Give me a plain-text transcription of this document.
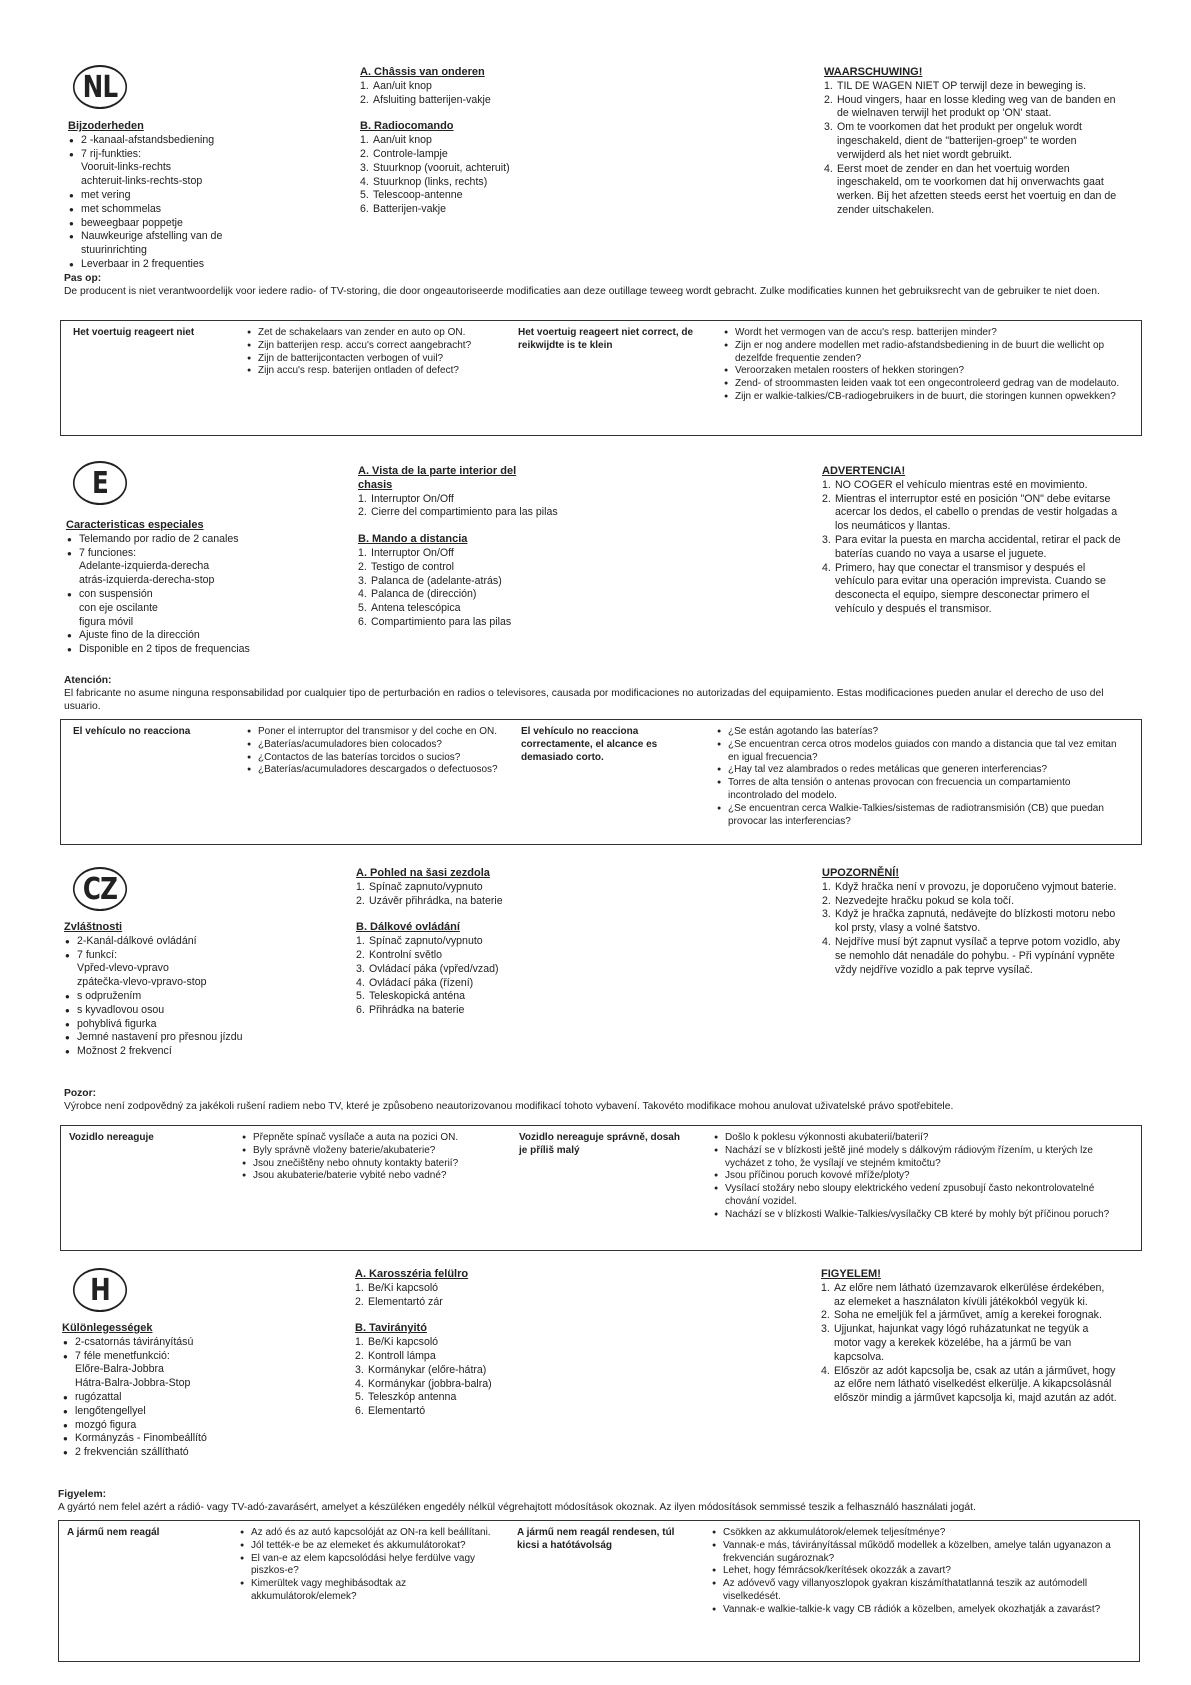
NL
Bijzoderheden
● 2 -kanaal-afstandsbediening
● 7 rij-funkties:
Vooruit-links-rechts
achteruit-links-rechts-stop
● met vering
● met schommelas
● beweegbaar poppetje
● Nauwkeurige afstelling van de stuurinrichting
● Leverbaar in 2 frequenties
A. Châssis van onderen
1. Aan/uit knop
2. Afsluiting batterijen-vakje
B. Radiocomando
1. Aan/uit knop
2. Controle-lampje
3. Stuurknop (vooruit, achteruit)
4. Stuurknop (links, rechts)
5. Telescoop-antenne
6. Batterijen-vakje
WAARSCHUWING!
1. TIL DE WAGEN NIET OP terwijl deze in beweging is.
2. Houd vingers, haar en losse kleding weg van de banden en de wielnaven terwijl het produkt op 'ON' staat.
3. Om te voorkomen dat het produkt per ongeluk wordt ingeschakeld, dient de "batterijen-groep" te worden verwijderd als het niet wordt gebruikt.
4. Eerst moet de zender en dan het voertuig worden ingeschakeld, om te voorkomen dat hij onverwachts gaat werken. Bij het afzetten steeds eerst het voertuig en dan de zender uitschakelen.
Pas op:
De producent is niet verantwoordelijk voor iedere radio- of TV-storing, die door ongeautoriseerde modificaties aan deze outillage teweeg wordt gebracht. Zulke modificaties kunnen het gebruiksrecht van de gebruiker te niet doen.
Het voertuig reageert niet	● Zet de schakelaars van zender en auto op ON.
● Zijn batterijen resp. accu's correct aangebracht?
● Zijn de batterijcontacten verbogen of vuil?
● Zijn accu's resp. baterijen ontladen of defect?
Het voertuig reageert niet correct, de reikwijdte is te klein
● Wordt het vermogen van de accu's resp. batterijen minder?
● Zijn er nog andere modellen met radio-afstandsbediening in de buurt die wellicht op dezelfde frequentie zenden?
● Veroorzaken metalen roosters of hekken storingen?
● Zend- of stroommasten leiden vaak tot een ongecontroleerd gedrag van de modelauto.
● Zijn er walkie-talkies/CB-radiogebruikers in de buurt, die storingen kunnen opwekken?
E
Caracteristicas especiales
● Telemando por radio de 2 canales
● 7 funciones:
Adelante-izquierda-derecha
atrás-izquierda-derecha-stop
● con suspensión
con eje oscilante
figura móvil
● Ajuste fino de la dirección
● Disponible en 2 tipos de frequencias
A. Vista de la parte interior del chasis
1. Interruptor On/Off
2. Cierre del compartimiento para las pilas
B. Mando a distancia
1. Interruptor On/Off
2. Testigo de control
3. Palanca de (adelante-atrás)
4. Palanca de (dirección)
5. Antena telescópica
6. Compartimiento para las pilas
ADVERTENCIA!
1. NO COGER el vehículo mientras esté en movimiento.
2. Mientras el interruptor esté en posición "ON" debe evitarse acercar los dedos, el cabello o prendas de vestir holgadas a los neumáticos y llantas.
3. Para evitar la puesta en marcha accidental, retirar el pack de baterías cuando no vaya a usarse el juguete.
4. Primero, hay que conectar el transmisor y después el vehículo para evitar una operación imprevista. Cuando se desconecta el equipo, siempre desconectar primero el vehículo y después el transmisor.
Atención:
El fabricante no asume ninguna responsabilidad por cualquier tipo de perturbación en radios o televisores, causada por modificaciones no autorizadas del equipamiento. Estas modificaciones pueden anular el derecho de uso del usuario.
El vehículo no reacciona	● Poner el interruptor del transmisor y del coche en ON.
● ¿Baterías/acumuladores bien colocados?
● ¿Contactos de las baterías torcidos o sucios?
● ¿Baterías/acumuladores descargados o defectuosos?
El vehículo no reacciona correctamente, el alcance es demasiado corto.
● ¿Se están agotando las baterías?
● ¿Se encuentran cerca otros modelos guiados con mando a distancia que tal vez emitan en igual frecuencia?
● ¿Hay tal vez alambrados o redes metálicas que generen interferencias?
● Torres de alta tensión o antenas provocan con frecuencia un compartamiento incontrolado del modelo.
● ¿Se encuentran cerca Walkie-Talkies/sistemas de radiotransmisión (CB) que puedan provocar las interferencias?
CZ
Zvláštnosti
● 2-Kanál-dálkové ovládání
● 7 funkcí:
Vpřed-vlevo-vpravo
zpátečka-vlevo-vpravo-stop
● s odpružením
● s kyvadlovou osou
● pohyblivá figurka
● Jemné nastavení pro přesnou jízdu
● Možnost 2 frekvencí
A. Pohled na šasi zezdola
1. Spínač zapnuto/vypnuto
2. Uzávěr přihrádka, na baterie
B. Dálkové ovládání
1. Spínač zapnuto/vypnuto
2. Kontrolní světlo
3. Ovládací páka (vpřed/vzad)
4. Ovládací páka (řízení)
5. Teleskopická anténa
6. Přihrádka na baterie
UPOZORNĚNÍ!
1. Když hračka není v provozu, je doporučeno vyjmout baterie.
2. Nezvedejte hračku pokud se kola točí.
3. Když je hračka zapnutá, nedávejte do blízkosti motoru nebo kol prsty, vlasy a volné šatstvo.
4. Nejdříve musí být zapnut vysílač a teprve potom vozidlo, aby se nemohlo dát nenadále do pohybu. - Při vypínání vypněte vždy nejdříve vozidlo a pak teprve vysílač.
Pozor:
Výrobce není zodpovědný za jakékoli rušení radiem nebo TV, které je způsobeno neautorizovanou modifikací tohoto vybavení. Takovéto modifikace mohou anulovat uživatelské právo spotřebitele.
Vozidlo nereaguje	● Přepněte spínač vysílače a auta na pozici ON.
● Byly správně vloženy baterie/akubaterie?
● Jsou znečištěny nebo ohnuty kontakty baterií?
● Jsou akubaterie/baterie vybité nebo vadné?
Vozidlo nereaguje správně, dosah je příliš malý
● Došlo k poklesu výkonnosti akubaterií/baterií?
● Nachází se v blízkosti ještě jiné modely s dálkovým rádiovým řízením, u kterých lze vycházet z toho, že vysílají ve stejném kmitočtu?
● Jsou příčinou poruch kovové mříže/ploty?
● Vysílací stožáry nebo sloupy elektrického vedení zpusobují často nekontrolovatelné chování vozidel.
● Nachází se v blízkosti Walkie-Talkies/vysílačky CB které by mohly být příčinou poruch?
H
Különlegességek
● 2-csatornás távirányítású
● 7 féle menetfunkció:
Előre-Balra-Jobbra
Hátra-Balra-Jobbra-Stop
● rugózattal
● lengőtengellyel
● mozgó figura
● Kormányzás - Finombeállító
● 2 frekvencián szállítható
A. Karosszéria felülro
1. Be/Ki kapcsoló
2. Elementartó zár
B. Tavirányitó
1. Be/Ki kapcsoló
2. Kontroll lámpa
3. Kormánykar (előre-hátra)
4. Kormánykar (jobbra-balra)
5. Teleszkóp antenna
6. Elementartó
FIGYELEM!
1. Az előre nem látható üzemzavarok elkerülése érdekében, az elemeket a használaton kívüli játékokból vegyük ki.
2. Soha ne emeljük fel a járművet, amíg a kerekei forognak.
3. Ujjunkat, hajunkat vagy lógó ruházatunkat ne tegyük a motor vagy a kerekek közelébe, ha a jármű be van kapcsolva.
4. Először az adót kapcsolja be, csak az után a járművet, hogy az előre nem látható viselkedést elkerülje. A kikapcsolásnál először mindig a járművet kapcsolja ki, majd azután az adót.
Figyelem:
A gyártó nem felel azért a rádió- vagy TV-adó-zavarásért, amelyet a készüléken engedély nélkül végrehajtott módosítások okoznak. Az ilyen módosítások semmissé teszik a felhasználó használati jogát.
A jármű nem reagál	● Az adó és az autó kapcsolóját az ON-ra kell beállítani.
● Jól tették-e be az elemeket és akkumulátorokat?
● El van-e az elem kapcsolódási helye ferdülve vagy piszkos-e?
● Kimerültek vagy meghibásodtak az akkumulátorok/elemek?
A jármű nem reagál rendesen, túl kicsi a hatótávolság
● Csökken az akkumulátorok/elemek teljesítménye?
● Vannak-e más, távirányítással működő modellek a közelben, amelye talán ugyanazon a frekvencián sugároznak?
● Lehet, hogy fémrácsok/kerítések okozzák a zavart?
● Az adóvevő vagy villanyoszlopok gyakran kiszámíthatatlanná teszik az autómodell viselkedését.
● Vannak-e walkie-talkie-k vagy CB rádiók a közelben, amelyek okozhatják a zavarást?
